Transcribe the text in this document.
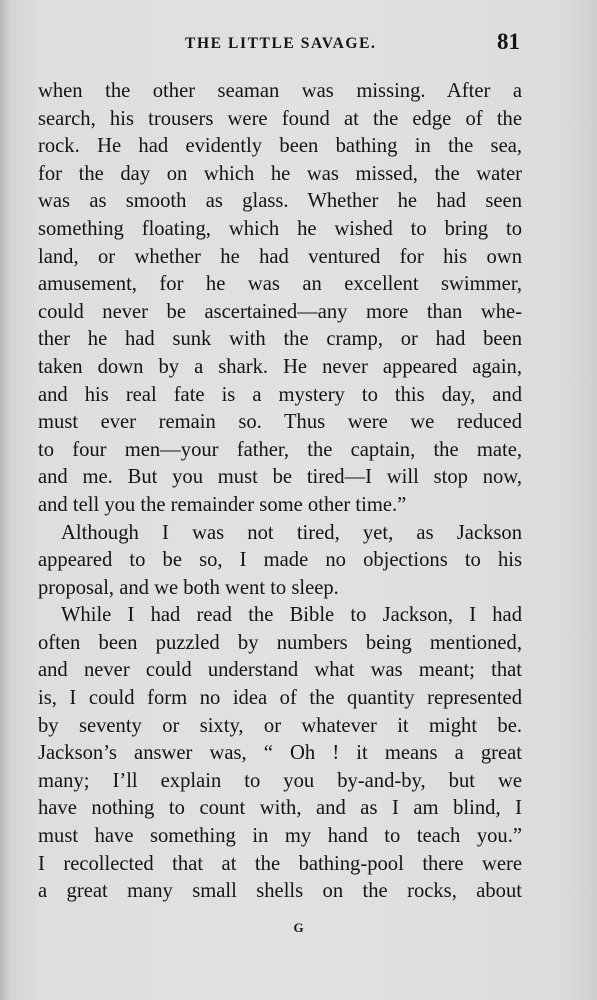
THE LITTLE SAVAGE.	81
when the other seaman was missing. After a
search, his trousers were found at the edge of the
rock. He had evidently been bathing in the sea,
for the day on which he was missed, the water
was as smooth as glass. Whether he had seen
something floating, which he wished to bring to
land, or whether he had ventured for his own
amusement, for he was an excellent swimmer,
could never be ascertained—any more than whe-
ther he had sunk with the cramp, or had been
taken down by a shark. He never appeared again,
and his real fate is a mystery to this day, and
must ever remain so. Thus were we reduced
to four men—your father, the captain, the mate,
and me. But you must be tired—I will stop now,
and tell you the remainder some other time.”
Although I was not tired, yet, as Jackson
appeared to be so, I made no objections to his
proposal, and we both went to sleep.
While I had read the Bible to Jackson, I had
often been puzzled by numbers being mentioned,
and never could understand what was meant; that
is, I could form no idea of the quantity represented
by seventy or sixty, or whatever it might be.
Jackson’s answer was, “ Oh ! it means a great
many; I’ll explain to you by-and-by, but we
have nothing to count with, and as I am blind, I
must have something in my hand to teach you.”
I recollected that at the bathing-pool there were
a great many small shells on the rocks, about
G
